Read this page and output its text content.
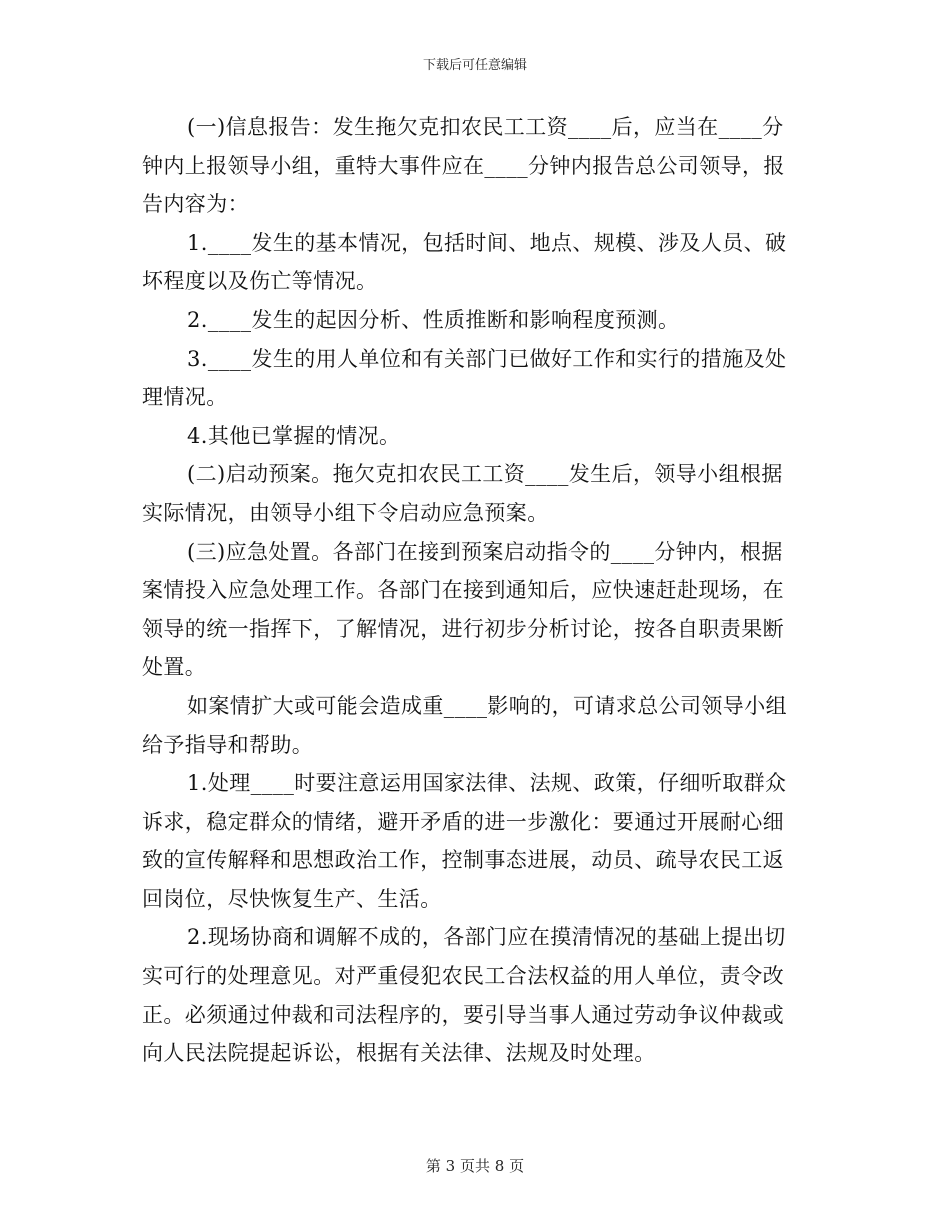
下载后可任意编辑
(一)信息报告：发生拖欠克扣农民工工资____后，应当在____分
钟内上报领导小组，重特大事件应在____分钟内报告总公司领导，报
告内容为：
1.____发生的基本情况，包括时间、地点、规模、涉及人员、破
坏程度以及伤亡等情况。
2.____发生的起因分析、性质推断和影响程度预测。
3.____发生的用人单位和有关部门已做好工作和实行的措施及处
理情况。
4.其他已掌握的情况。
(二)启动预案。拖欠克扣农民工工资____发生后，领导小组根据
实际情况，由领导小组下令启动应急预案。
(三)应急处置。各部门在接到预案启动指令的____分钟内，根据
案情投入应急处理工作。各部门在接到通知后，应快速赶赴现场，在
领导的统一指挥下，了解情况，进行初步分析讨论，按各自职责果断
处置。
如案情扩大或可能会造成重____影响的，可请求总公司领导小组
给予指导和帮助。
1.处理____时要注意运用国家法律、法规、政策，仔细听取群众
诉求，稳定群众的情绪，避开矛盾的进一步激化：要通过开展耐心细
致的宣传解释和思想政治工作，控制事态进展，动员、疏导农民工返
回岗位，尽快恢复生产、生活。
2.现场协商和调解不成的，各部门应在摸清情况的基础上提出切
实可行的处理意见。对严重侵犯农民工合法权益的用人单位，责令改
正。必须通过仲裁和司法程序的，要引导当事人通过劳动争议仲裁或
向人民法院提起诉讼，根据有关法律、法规及时处理。
第 3 页共 8 页
